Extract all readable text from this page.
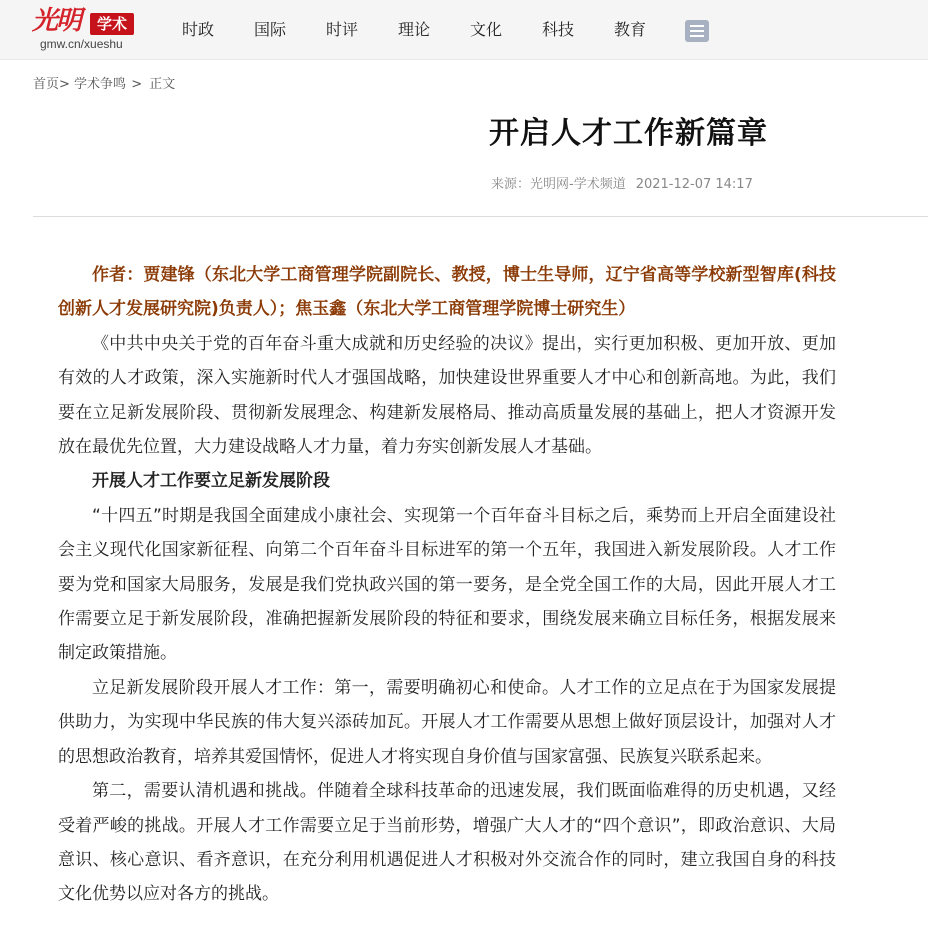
光明	学术
gmw.cn/xueshu
时政	国际	时评	理论	文化	科技	教育
首页> 学术争鸣 > 正文
开启人才工作新篇章
来源：光明网-学术频道 2021-12-07 14:17

作者：贾建锋（东北大学工商管理学院副院长、教授，博士生导师，辽宁省高等学校新型智库(科技创新人才发展研究院)负责人）；焦玉鑫（东北大学工商管理学院博士研究生）

《中共中央关于党的百年奋斗重大成就和历史经验的决议》提出，实行更加积极、更加开放、更加有效的人才政策，深入实施新时代人才强国战略，加快建设世界重要人才中心和创新高地。为此，我们要在立足新发展阶段、贯彻新发展理念、构建新发展格局、推动高质量发展的基础上，把人才资源开发放在最优先位置，大力建设战略人才力量，着力夯实创新发展人才基础。

开展人才工作要立足新发展阶段

“十四五”时期是我国全面建成小康社会、实现第一个百年奋斗目标之后，乘势而上开启全面建设社会主义现代化国家新征程、向第二个百年奋斗目标进军的第一个五年，我国进入新发展阶段。人才工作要为党和国家大局服务，发展是我们党执政兴国的第一要务，是全党全国工作的大局，因此开展人才工作需要立足于新发展阶段，准确把握新发展阶段的特征和要求，围绕发展来确立目标任务，根据发展来制定政策措施。

立足新发展阶段开展人才工作：第一，需要明确初心和使命。人才工作的立足点在于为国家发展提供助力，为实现中华民族的伟大复兴添砖加瓦。开展人才工作需要从思想上做好顶层设计，加强对人才的思想政治教育，培养其爱国情怀，促进人才将实现自身价值与国家富强、民族复兴联系起来。

第二，需要认清机遇和挑战。伴随着全球科技革命的迅速发展，我们既面临难得的历史机遇，又经受着严峻的挑战。开展人才工作需要立足于当前形势，增强广大人才的“四个意识”，即政治意识、大局意识、核心意识、看齐意识，在充分利用机遇促进人才积极对外交流合作的同时，建立我国自身的科技文化优势以应对各方的挑战。
